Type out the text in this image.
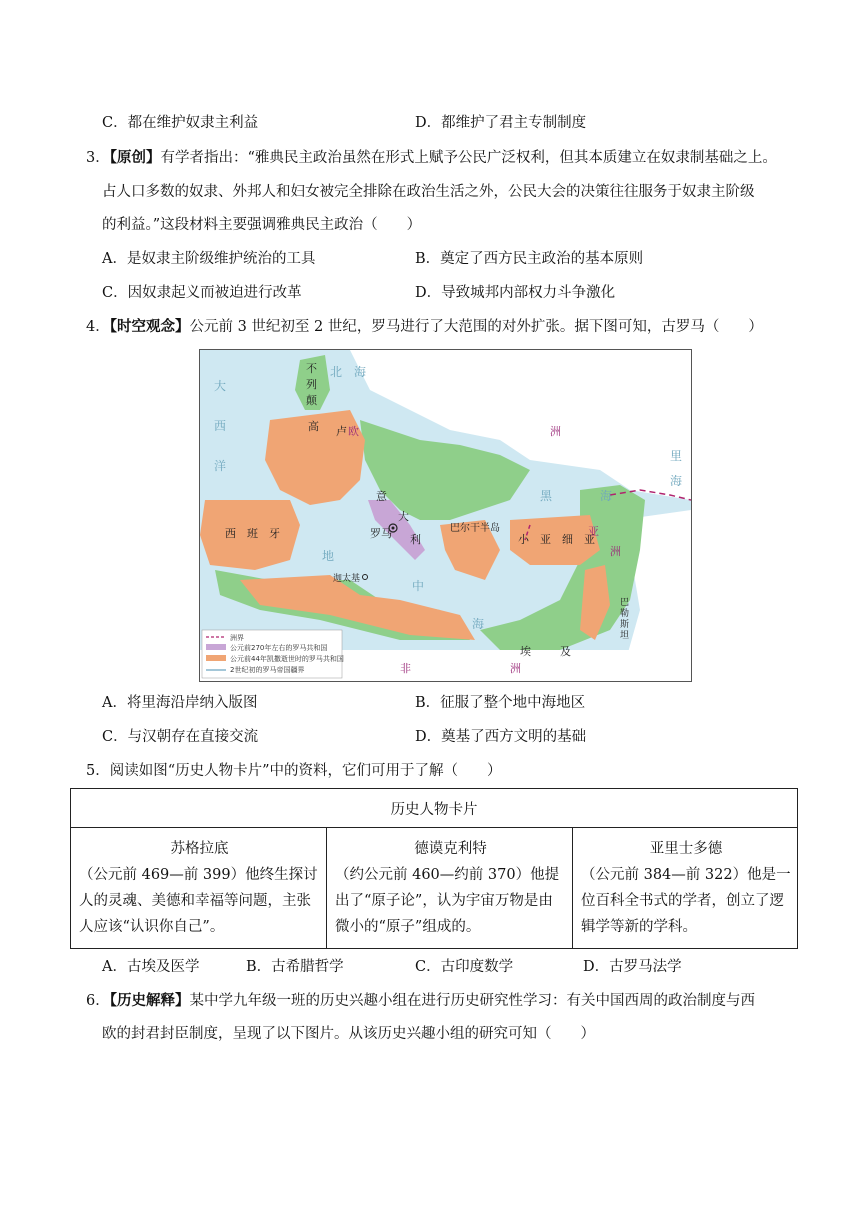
C．都在维护奴隶主利益	D．都维护了君主专制制度
3．【原创】有学者指出：“雅典民主政治虽然在形式上赋予公民广泛权利，但其本质建立在奴隶制基础之上。
占人口多数的奴隶、外邦人和妇女被完全排除在政治生活之外，公民大会的决策往往服务于奴隶主阶级
的利益。”这段材料主要强调雅典民主政治（　　）
A．是奴隶主阶级维护统治的工具	B．奠定了西方民主政治的基本原则
C．因奴隶起义而被迫进行改革	D．导致城邦内部权力斗争激化
4．【时空观念】公元前 3 世纪初至 2 世纪，罗马进行了大范围的对外扩张。据下图可知，古罗马（　　）
大
西
洋
北　海
地
中
海
黑	海
里
海
欧	洲
亚
洲
非	洲
不
列
颠
高 卢
西　班　牙
意
大
利
罗马
迦太基
巴尔干半岛
小　亚　细　亚
巴
勒
斯
坦
埃	及
洲界
公元前270年左右的罗马共和国
公元前44年凯撒逝世时的罗马共和国
2世纪初的罗马帝国疆界
A．将里海沿岸纳入版图	B．征服了整个地中海地区
C．与汉朝存在直接交流	D．奠基了西方文明的基础
5．阅读如图“历史人物卡片”中的资料，它们可用于了解（　　）
历史人物卡片

苏格拉底
（公元前 469—前 399）他终生探讨
人的灵魂、美德和幸福等问题，主张
人应该“认识你自己”。

德谟克利特
（约公元前 460—约前 370）他提
出了“原子论”，认为宇宙万物是由
微小的“原子”组成的。

亚里士多德
（公元前 384—前 322）他是一
位百科全书式的学者，创立了逻
辑学等新的学科。
A．古埃及医学	B．古希腊哲学	C．古印度数学	D．古罗马法学
6．【历史解释】某中学九年级一班的历史兴趣小组在进行历史研究性学习：有关中国西周的政治制度与西
欧的封君封臣制度，呈现了以下图片。从该历史兴趣小组的研究可知（　　）
